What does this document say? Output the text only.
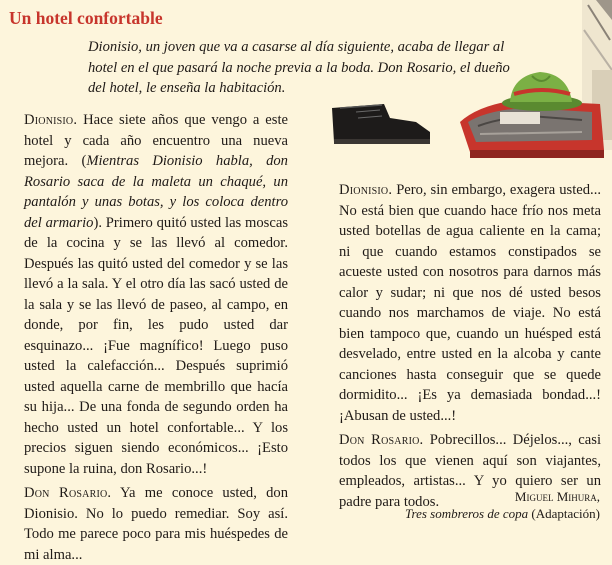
Un hotel confortable

Dionisio, un joven que va a casarse al día siguiente, acaba de llegar al hotel en el que pasará la noche previa a la boda. Don Rosario, el dueño del hotel, le enseña la habitación.

Dionisio. Hace siete años que vengo a este hotel y cada año encuentro una nueva mejora. (Mientras Dionisio habla, don Rosario saca de la maleta un chaqué, un pantalón y unas botas, y los coloca dentro del armario). Primero quitó usted las moscas de la cocina y se las llevó al comedor. Después las quitó usted del comedor y se las llevó a la sala. Y el otro día las sacó usted de la sala y se las llevó de paseo, al campo, en donde, por fin, les pudo usted dar esquinazo... ¡Fue magnífico! Luego puso usted la calefacción... Después suprimió usted aquella carne de membrillo que hacía su hija... De una fonda de segundo orden ha hecho usted un hotel confortable... Y los precios siguen siendo económicos... ¡Esto supone la ruina, don Rosario...!

Don Rosario. Ya me conoce usted, don Dionisio. No lo puedo remediar. Soy así. Todo me parece poco para mis huéspedes de mi alma...

Dionisio. Pero, sin embargo, exagera usted... No está bien que cuando hace frío nos meta usted botellas de agua caliente en la cama; ni que cuando estamos constipados se acueste usted con nosotros para darnos más calor y sudar; ni que nos dé usted besos cuando nos marchamos de viaje. No está bien tampoco que, cuando un huésped está desvelado, entre usted en la alcoba y cante canciones hasta conseguir que se quede dormidito... ¡Es ya demasiada bondad...! ¡Abusan de usted...!

Don Rosario. Pobrecillos... Déjelos..., casi todos los que vienen aquí son viajantes, empleados, artistas... Y yo quiero ser un padre para todos.	Miguel Mihura,
Tres sombreros de copa (Adaptación)
